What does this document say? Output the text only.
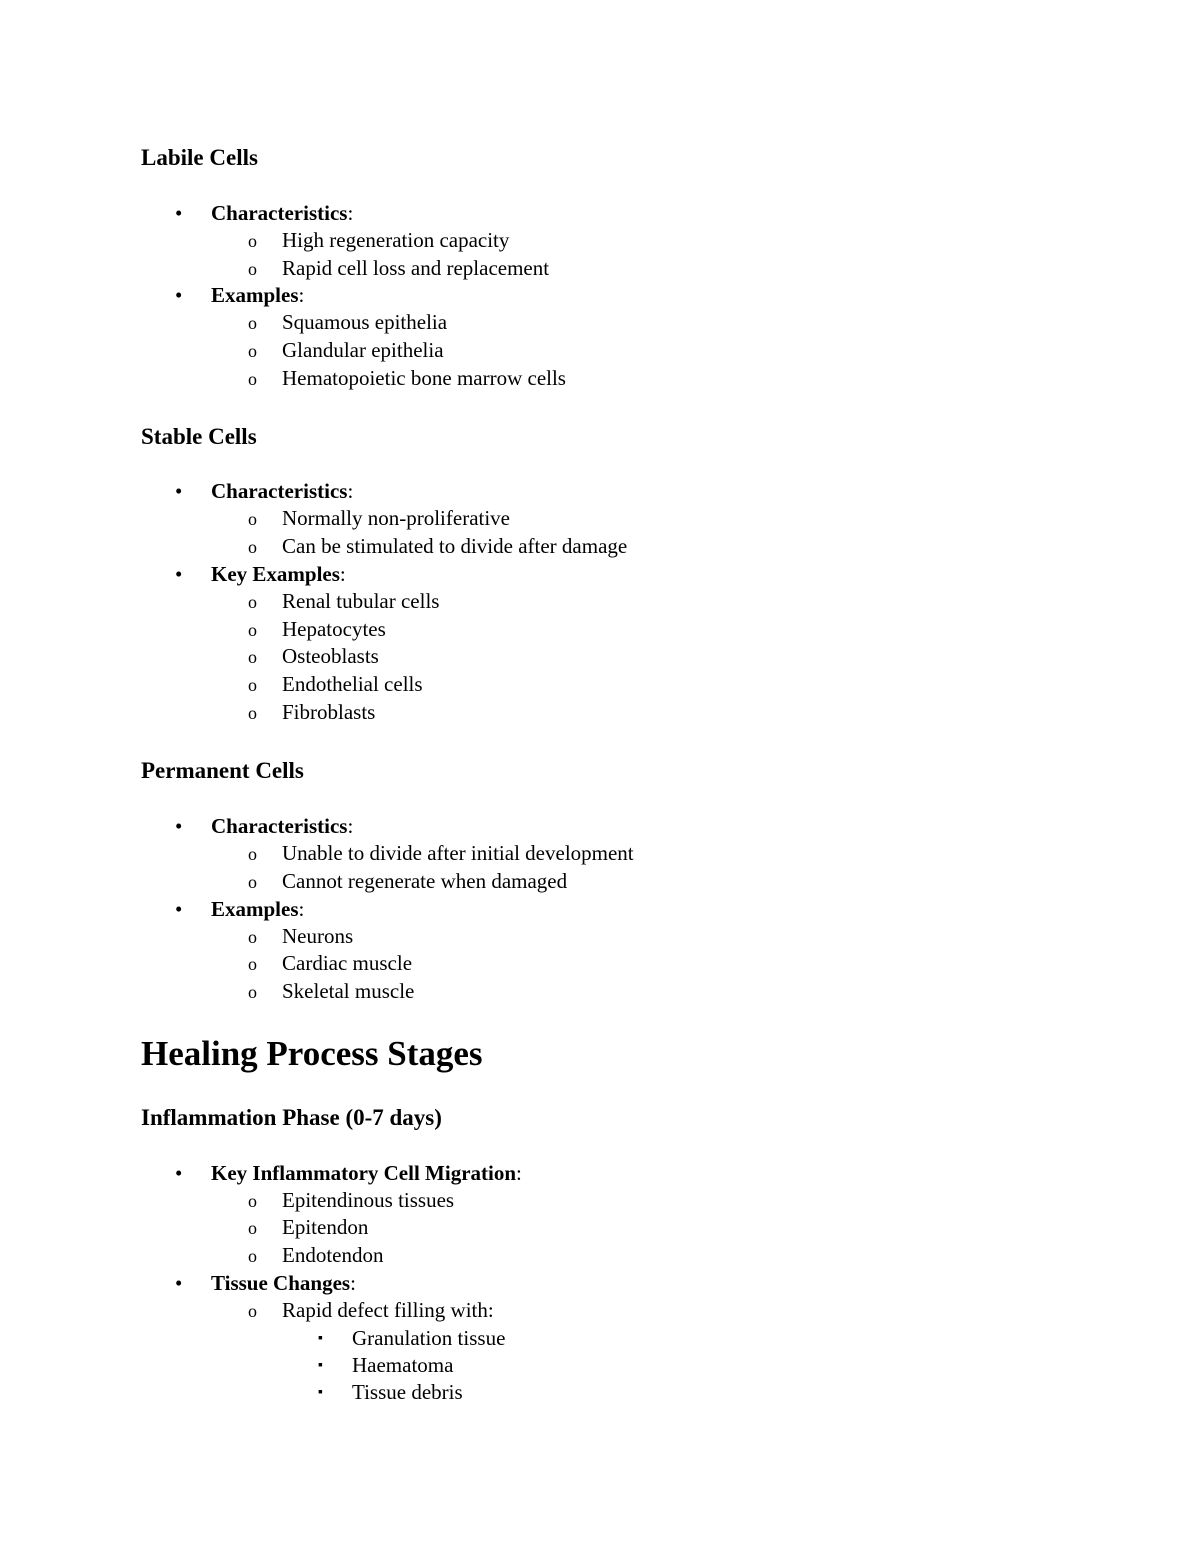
Labile Cells
• Characteristics:
o High regeneration capacity
o Rapid cell loss and replacement
• Examples:
o Squamous epithelia
o Glandular epithelia
o Hematopoietic bone marrow cells
Stable Cells
• Characteristics:
o Normally non-proliferative
o Can be stimulated to divide after damage
• Key Examples:
o Renal tubular cells
o Hepatocytes
o Osteoblasts
o Endothelial cells
o Fibroblasts
Permanent Cells
• Characteristics:
o Unable to divide after initial development
o Cannot regenerate when damaged
• Examples:
o Neurons
o Cardiac muscle
o Skeletal muscle
Healing Process Stages
Inflammation Phase (0-7 days)
• Key Inflammatory Cell Migration:
o Epitendinous tissues
o Epitendon
o Endotendon
• Tissue Changes:
o Rapid defect filling with:
▪ Granulation tissue
▪ Haematoma
▪ Tissue debris
